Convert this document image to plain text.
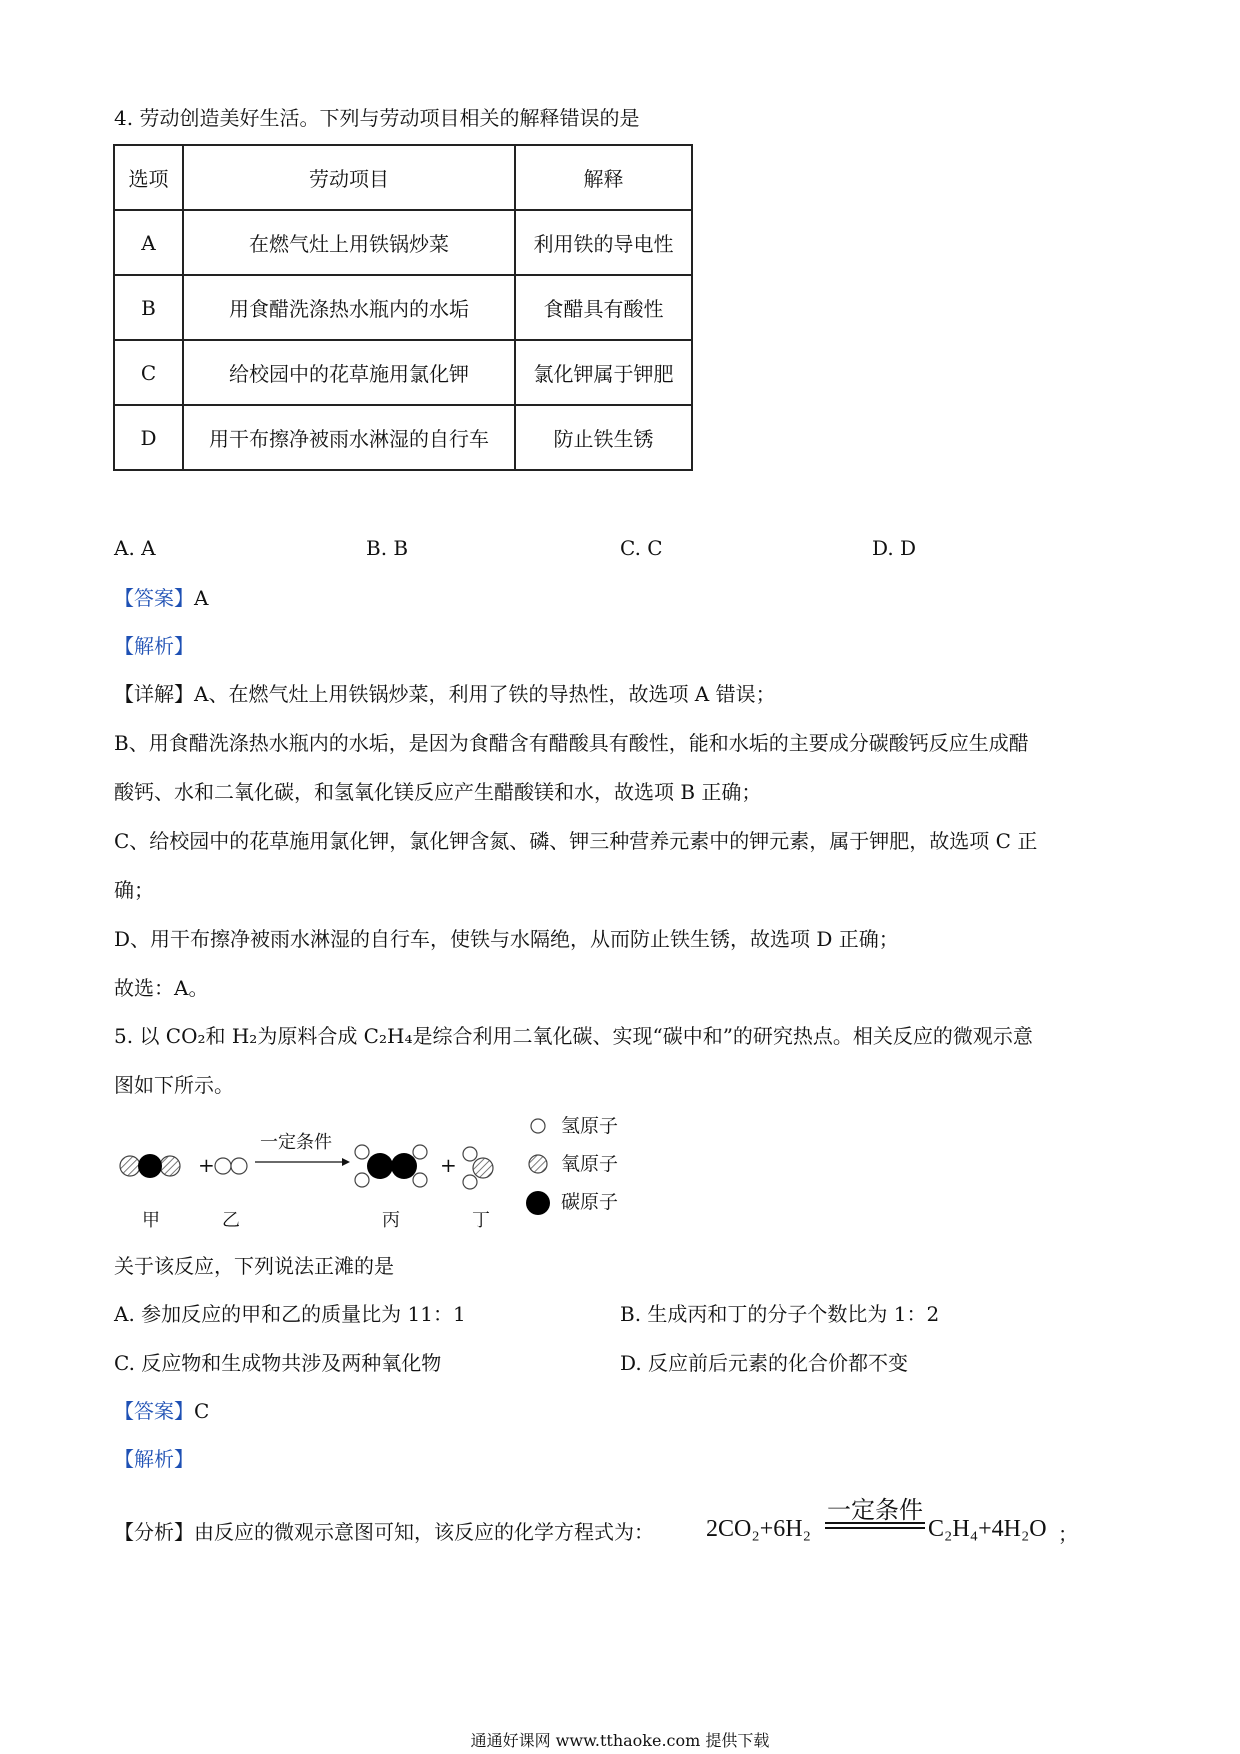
4. 劳动创造美好生活。下列与劳动项目相关的解释错误的是
选项	劳动项目	解释
A	在燃气灶上用铁锅炒菜	利用铁的导电性
B	用食醋洗涤热水瓶内的水垢	食醋具有酸性
C	给校园中的花草施用氯化钾	氯化钾属于钾肥
D	用干布擦净被雨水淋湿的自行车	防止铁生锈
A. A	B. B	C. C	D. D
【答案】A
【解析】
【详解】A、在燃气灶上用铁锅炒菜，利用了铁的导热性，故选项 A 错误；
B、用食醋洗涤热水瓶内的水垢，是因为食醋含有醋酸具有酸性，能和水垢的主要成分碳酸钙反应生成醋
酸钙、水和二氧化碳，和氢氧化镁反应产生醋酸镁和水，故选项 B 正确；
C、给校园中的花草施用氯化钾，氯化钾含氮、磷、钾三种营养元素中的钾元素，属于钾肥，故选项 C 正
确；
D、用干布擦净被雨水淋湿的自行车，使铁与水隔绝，从而防止铁生锈，故选项 D 正确；
故选：A。
5. 以 CO₂和 H₂为原料合成 C₂H₄是综合利用二氧化碳、实现“碳中和”的研究热点。相关反应的微观示意
图如下所示。
+
一定条件
+
甲	乙	丙	丁
氢原子
氧原子
碳原子
关于该反应，下列说法正滩的是
A. 参加反应的甲和乙的质量比为 11：1	B. 生成丙和丁的分子个数比为 1：2
C. 反应物和生成物共涉及两种氧化物	D. 反应前后元素的化合价都不变
【答案】C
【解析】
【分析】由反应的微观示意图可知，该反应的化学方程式为： 2CO₂+6H₂
一定条件
C₂H₄+4H₂O ；
通通好课网 www.tthaoke.com 提供下载
